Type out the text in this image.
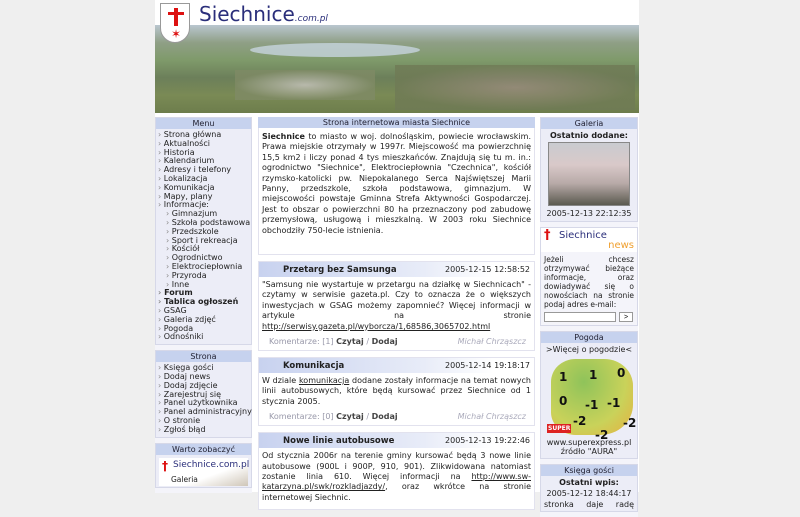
✶
Siechnice.com.pl
Menu
› Strona główna
› Aktualności
› Historia
› Kalendarium
› Adresy i telefony
› Lokalizacja
› Komunikacja
› Mapy, plany
› Informacje:
› Gimnazjum
› Szkoła podstawowa
› Przedszkole
› Sport i rekreacja
› Kościół
› Ogrodnictwo
› Elektrociepłownia
› Przyroda
› Inne
› Forum
› Tablica ogłoszeń
› GSAG
› Galeria zdjęć
› Pogoda
› Odnośniki
Strona
› Księga gości
› Dodaj news
› Dodaj zdjęcie
› Zarejestruj się
› Panel użytkownika
› Panel administracyjny
› O stronie
› Zgłoś błąd
Warto zobaczyć
† Siechnice.com.pl
Galeria
Strona internetowa miasta Siechnice
Siechnice to miasto w woj. dolnośląskim, powiecie wrocławskim. Prawa miejskie otrzymały w 1997r. Miejscowość ma powierzchnię 15,5 km2 i liczy ponad 4 tys mieszkańców. Znajdują się tu m. in.: ogrodnictwo "Siechnice", Elektrociepłownia "Czechnica", kościół rzymsko-katolicki pw. Niepokalanego Serca Najświętszej Marii Panny, przedszkole, szkoła podstawowa, gimnazjum. W miejscowości powstaje Gminna Strefa Aktywności Gospodarczej. Jest to obszar o powierzchni 80 ha przeznaczony pod zabudowę przemysłową, usługową i mieszkalną. W 2003 roku Siechnice obchodziły 750-lecie istnienia.
Przetarg bez Samsunga	2005-12-15 12:58:52
"Samsung nie wystartuje w przetargu na działkę w Siechnicach" - czytamy w serwisie gazeta.pl. Czy to oznacza że o większych inwestycjach w GSAG możemy zapomnieć? Więcej informacji w artykule na stronie http://serwisy.gazeta.pl/wyborcza/1,68586,3065702.html
Komentarze: [1] Czytaj / Dodaj	Michał Chrząszcz
Komunikacja	2005-12-14 19:18:17
W dziale komunikacja dodane zostały informacje na temat nowych linii autobusowych, które będą kursować przez Siechnice od 1 stycznia 2005.
Komentarze: [0] Czytaj / Dodaj	Michał Chrząszcz
Nowe linie autobusowe	2005-12-13 19:22:46
Od stycznia 2006r na terenie gminy kursować będą 3 nowe linie autobusowe (900L i 900P, 910, 901). Zlikwidowana natomiast zostanie linia 610. Więcej informacji na http://www.sw-katarzyna.pl/swk/rozkladjazdy/, oraz wkrótce na stronie internetowej Siechnic.
Galeria
Ostatnio dodane:
2005-12-13 22:12:35
† Siechnice
news
Jeżeli chcesz otrzymywać bieżące informacje, oraz dowiadywać się o nowościach na stronie podaj adres e-mail:
>
Pogoda
>Więcej o pogodzie<
1 1 0
0 -1 -1
-2	-2
-2
SUPER
www.superexpress.pl
źródło "AURA"
Księga gości
Ostatni wpis:
2005-12-12 18:44:17
stronka daje radę
